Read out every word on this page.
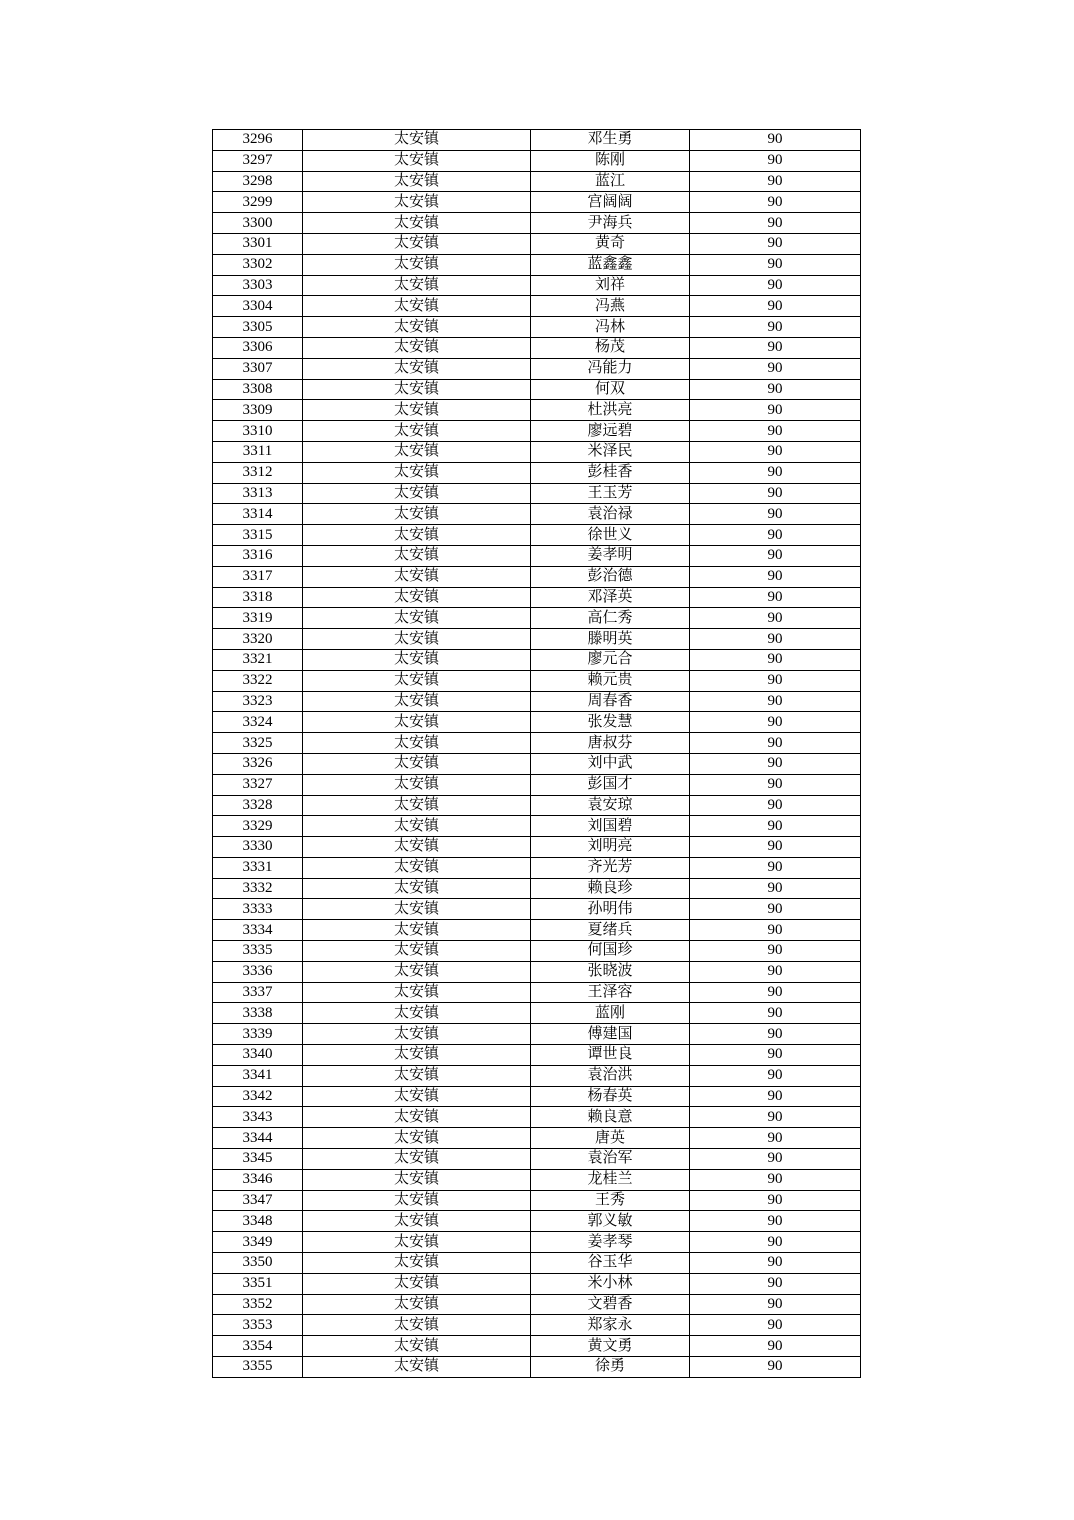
3296	太安镇	邓生勇	90
3297	太安镇	陈刚	90
3298	太安镇	蓝江	90
3299	太安镇	宫阔阔	90
3300	太安镇	尹海兵	90
3301	太安镇	黄奇	90
3302	太安镇	蓝鑫鑫	90
3303	太安镇	刘祥	90
3304	太安镇	冯燕	90
3305	太安镇	冯林	90
3306	太安镇	杨茂	90
3307	太安镇	冯能力	90
3308	太安镇	何双	90
3309	太安镇	杜洪亮	90
3310	太安镇	廖远碧	90
3311	太安镇	米泽民	90
3312	太安镇	彭桂香	90
3313	太安镇	王玉芳	90
3314	太安镇	袁治禄	90
3315	太安镇	徐世义	90
3316	太安镇	姜孝明	90
3317	太安镇	彭治德	90
3318	太安镇	邓泽英	90
3319	太安镇	高仁秀	90
3320	太安镇	滕明英	90
3321	太安镇	廖元合	90
3322	太安镇	赖元贵	90
3323	太安镇	周春香	90
3324	太安镇	张发慧	90
3325	太安镇	唐叔芬	90
3326	太安镇	刘中武	90
3327	太安镇	彭国才	90
3328	太安镇	袁安琼	90
3329	太安镇	刘国碧	90
3330	太安镇	刘明亮	90
3331	太安镇	齐光芳	90
3332	太安镇	赖良珍	90
3333	太安镇	孙明伟	90
3334	太安镇	夏绪兵	90
3335	太安镇	何国珍	90
3336	太安镇	张晓波	90
3337	太安镇	王泽容	90
3338	太安镇	蓝刚	90
3339	太安镇	傅建国	90
3340	太安镇	谭世良	90
3341	太安镇	袁治洪	90
3342	太安镇	杨春英	90
3343	太安镇	赖良意	90
3344	太安镇	唐英	90
3345	太安镇	袁治军	90
3346	太安镇	龙桂兰	90
3347	太安镇	王秀	90
3348	太安镇	郭义敏	90
3349	太安镇	姜孝琴	90
3350	太安镇	谷玉华	90
3351	太安镇	米小林	90
3352	太安镇	文碧香	90
3353	太安镇	郑家永	90
3354	太安镇	黄文勇	90
3355	太安镇	徐勇	90
